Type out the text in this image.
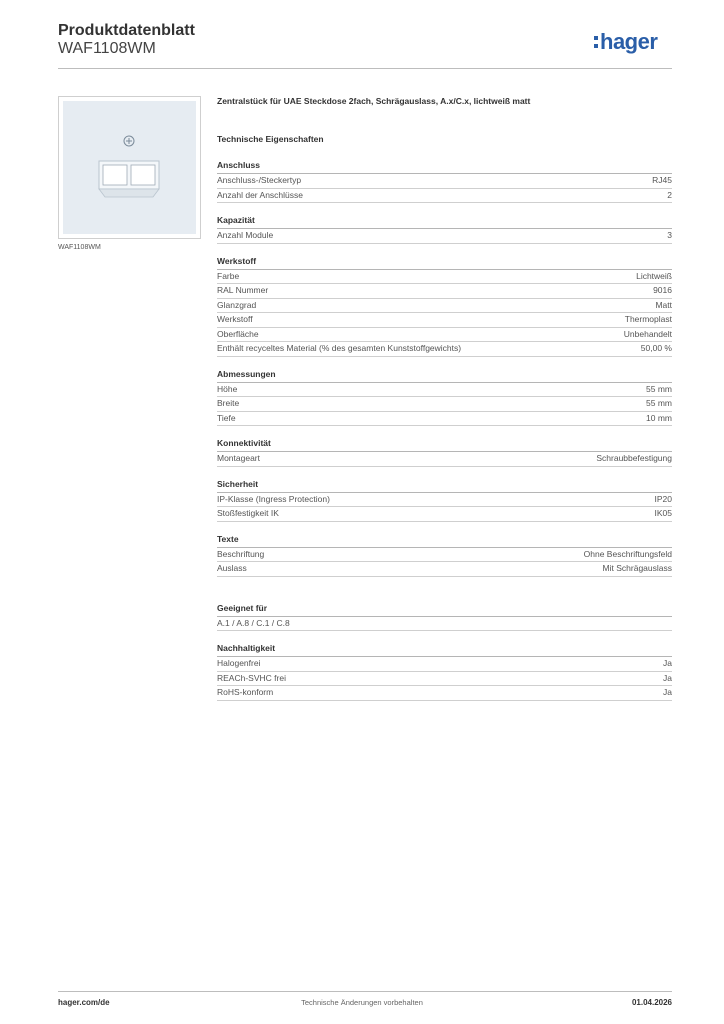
Produktdatenblatt
WAF1108WM	hager
WAF1108WM
Zentralstück für UAE Steckdose 2fach, Schrägauslass, A.x/C.x, lichtweiß matt
Technische Eigenschaften
Anschluss
Anschluss-/Steckertyp	RJ45
Anzahl der Anschlüsse	2
Kapazität
Anzahl Module	3
Werkstoff
Farbe	Lichtweiß
RAL Nummer	9016
Glanzgrad	Matt
Werkstoff	Thermoplast
Oberfläche	Unbehandelt
Enthält recyceltes Material (% des gesamten Kunststoffgewichts)	50,00 %
Abmessungen
Höhe	55 mm
Breite	55 mm
Tiefe	10 mm
Konnektivität
Montageart	Schraubbefestigung
Sicherheit
IP-Klasse (Ingress Protection)	IP20
Stoßfestigkeit IK	IK05
Texte
Beschriftung	Ohne Beschriftungsfeld
Auslass	Mit Schrägauslass
Geeignet für
A.1 / A.8 / C.1 / C.8
Nachhaltigkeit
Halogenfrei	Ja
REACh-SVHC frei	Ja
RoHS-konform	Ja
hager.com/de	Technische Änderungen vorbehalten	01.04.2026
